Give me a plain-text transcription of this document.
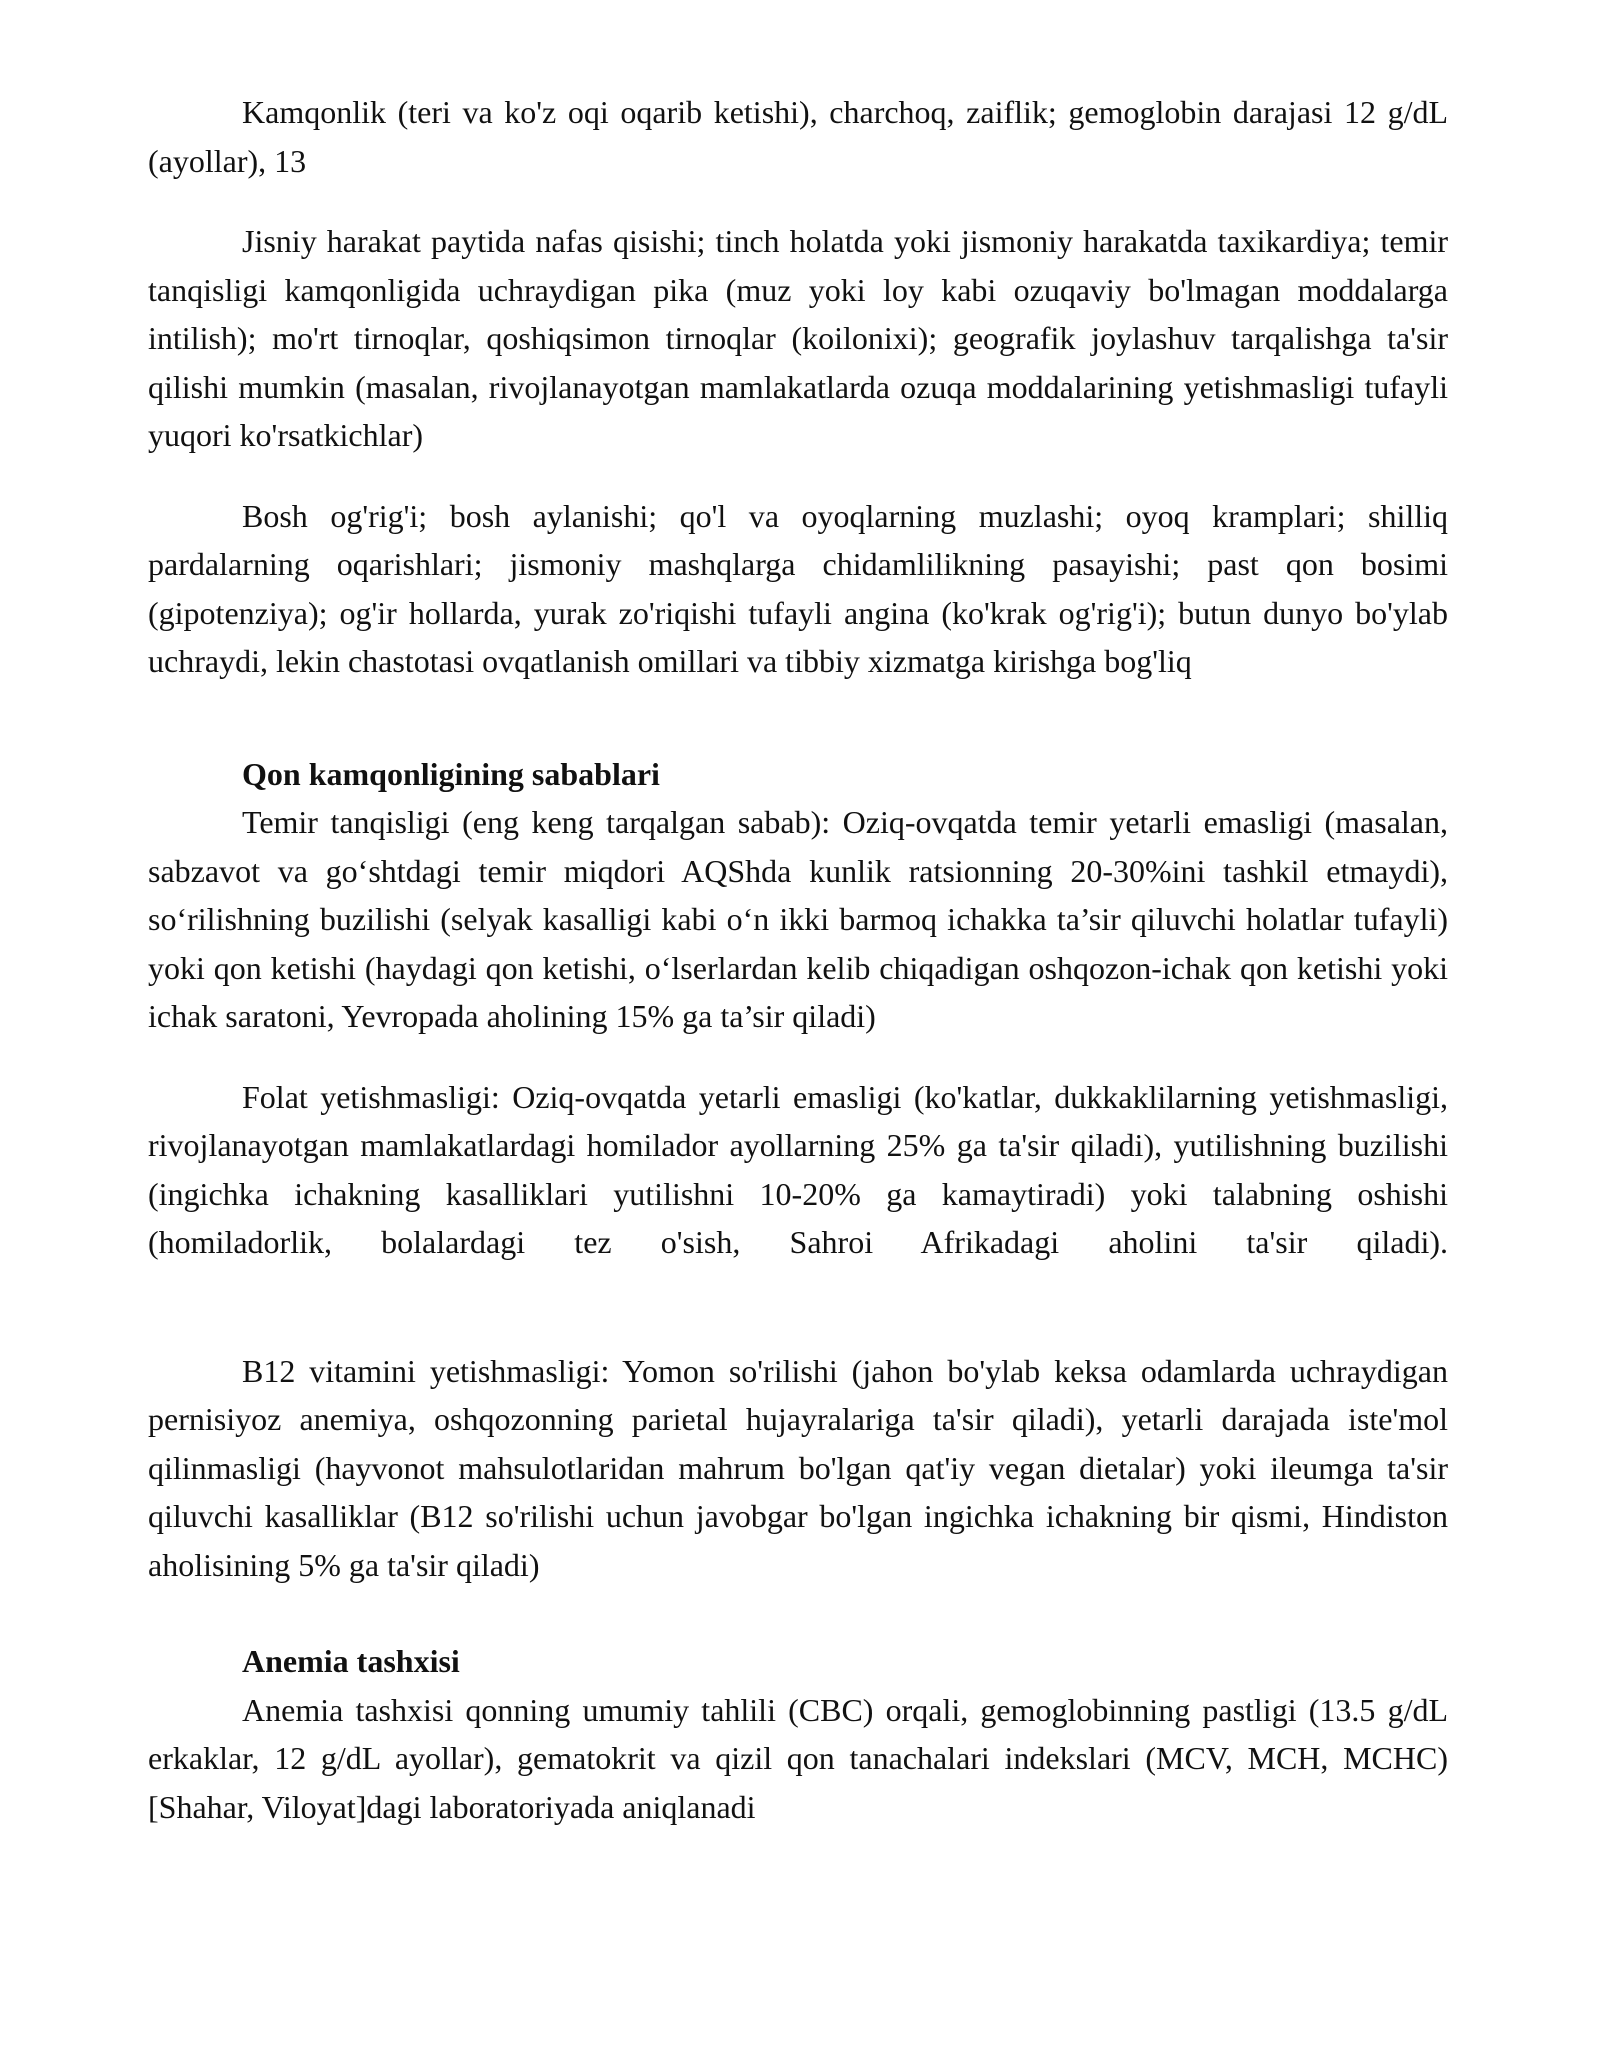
Kamqonlik (teri va ko'z oqi oqarib ketishi), charchoq, zaiflik; gemoglobin darajasi 12 g/dL (ayollar), 13

Jisniy harakat paytida nafas qisishi; tinch holatda yoki jismoniy harakatda taxikardiya; temir tanqisligi kamqonligida uchraydigan pika (muz yoki loy kabi ozuqaviy bo'lmagan moddalarga intilish); mo'rt tirnoqlar, qoshiqsimon tirnoqlar (koilonixi); geografik joylashuv tarqalishga ta'sir qilishi mumkin (masalan, rivojlanayotgan mamlakatlarda ozuqa moddalarining yetishmasligi tufayli yuqori ko'rsatkichlar)

Bosh og'rig'i; bosh aylanishi; qo'l va oyoqlarning muzlashi; oyoq kramplari; shilliq pardalarning oqarishlari; jismoniy mashqlarga chidamlilikning pasayishi; past qon bosimi (gipotenziya); og'ir hollarda, yurak zo'riqishi tufayli angina (ko'krak og'rig'i); butun dunyo bo'ylab uchraydi, lekin chastotasi ovqatlanish omillari va tibbiy xizmatga kirishga bog'liq

Qon kamqonligining sabablari

Temir tanqisligi (eng keng tarqalgan sabab): Oziq-ovqatda temir yetarli emasligi (masalan, sabzavot va go‘shtdagi temir miqdori AQShda kunlik ratsionning 20-30%ini tashkil etmaydi), so‘rilishning buzilishi (selyak kasalligi kabi o‘n ikki barmoq ichakka ta’sir qiluvchi holatlar tufayli) yoki qon ketishi (haydagi qon ketishi, o‘lserlardan kelib chiqadigan oshqozon-ichak qon ketishi yoki ichak saratoni, Yevropada aholining 15% ga ta’sir qiladi)

Folat yetishmasligi: Oziq-ovqatda yetarli emasligi (ko'katlar, dukkaklilarning yetishmasligi, rivojlanayotgan mamlakatlardagi homilador ayollarning 25% ga ta'sir qiladi), yutilishning buzilishi (ingichka ichakning kasalliklari yutilishni 10-20% ga kamaytiradi) yoki talabning oshishi (homiladorlik, bolalardagi tez o'sish, Sahroi Afrikadagi aholini ta'sir qiladi).

B12 vitamini yetishmasligi: Yomon so'rilishi (jahon bo'ylab keksa odamlarda uchraydigan pernisiyoz anemiya, oshqozonning parietal hujayralariga ta'sir qiladi), yetarli darajada iste'mol qilinmasligi (hayvonot mahsulotlaridan mahrum bo'lgan qat'iy vegan dietalar) yoki ileumga ta'sir qiluvchi kasalliklar (B12 so'rilishi uchun javobgar bo'lgan ingichka ichakning bir qismi, Hindiston aholisining 5% ga ta'sir qiladi)

Anemia tashxisi

Anemia tashxisi qonning umumiy tahlili (CBC) orqali, gemoglobinning pastligi (13.5 g/dL erkaklar, 12 g/dL ayollar), gematokrit va qizil qon tanachalari indekslari (MCV, MCH, MCHC) [Shahar, Viloyat]dagi laboratoriyada aniqlanadi
